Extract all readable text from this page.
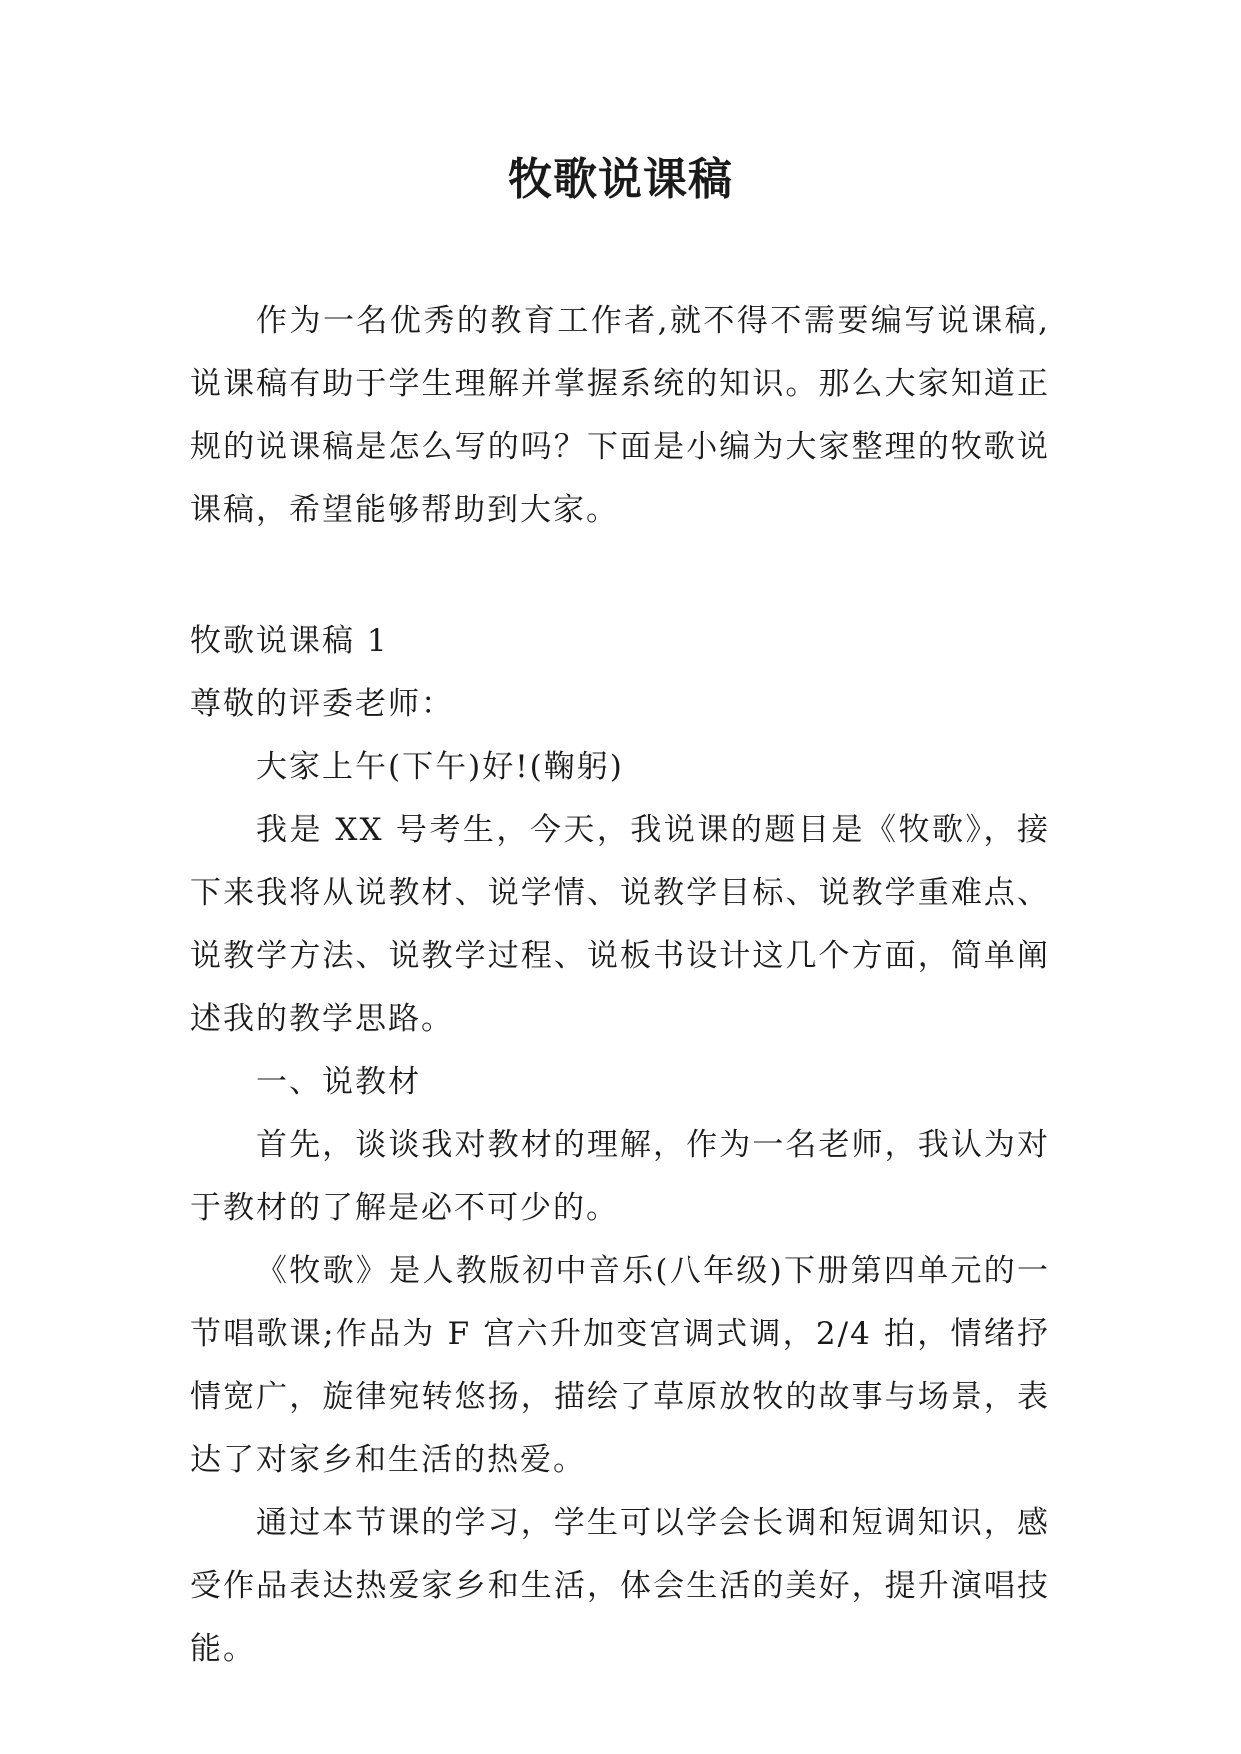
牧歌说课稿

作为一名优秀的教育工作者,就不得不需要编写说课稿,说课稿有助于学生理解并掌握系统的知识。那么大家知道正规的说课稿是怎么写的吗？下面是小编为大家整理的牧歌说课稿，希望能够帮助到大家。

牧歌说课稿 1

尊敬的评委老师：

大家上午(下午)好!(鞠躬)

我是 XX 号考生，今天，我说课的题目是《牧歌》，接下来我将从说教材、说学情、说教学目标、说教学重难点、说教学方法、说教学过程、说板书设计这几个方面，简单阐述我的教学思路。

一、说教材

首先，谈谈我对教材的理解，作为一名老师，我认为对于教材的了解是必不可少的。

《牧歌》是人教版初中音乐(八年级)下册第四单元的一节唱歌课;作品为 F 宫六升加变宫调式调，2/4 拍，情绪抒情宽广，旋律宛转悠扬，描绘了草原放牧的故事与场景，表达了对家乡和生活的热爱。

通过本节课的学习，学生可以学会长调和短调知识，感受作品表达热爱家乡和生活，体会生活的美好，提升演唱技能。
